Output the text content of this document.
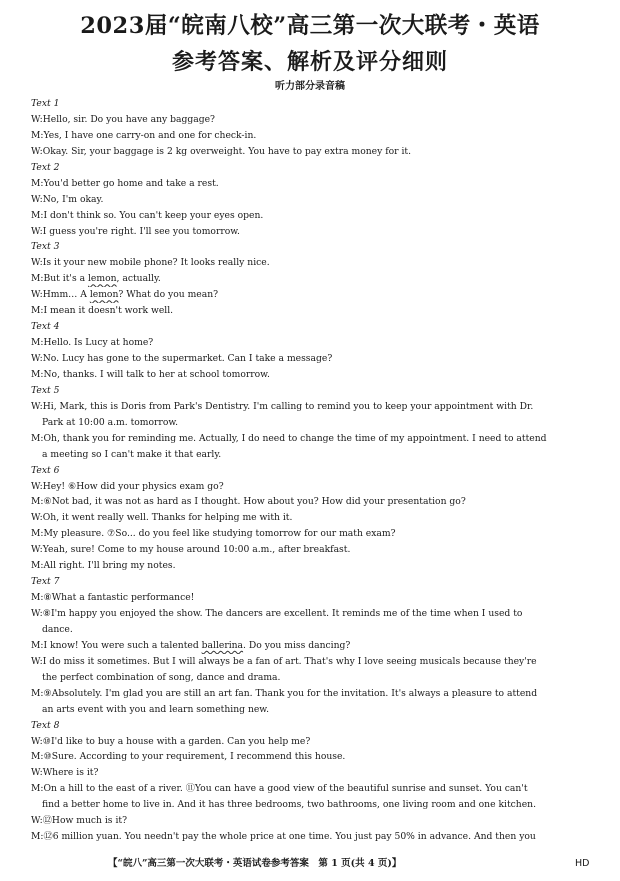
2023届“皖南八校”高三第一次大联考・英语
参考答案、解析及评分细则
听力部分录音稿
Text 1
W:Hello, sir. Do you have any baggage?
M:Yes, I have one carry-on and one for check-in.
W:Okay. Sir, your baggage is 2 kg overweight. You have to pay extra money for it.
Text 2
M:You'd better go home and take a rest.
W:No, I'm okay.
M:I don't think so. You can't keep your eyes open.
W:I guess you're right. I'll see you tomorrow.
Text 3
W:Is it your new mobile phone? It looks really nice.
M:But it's a lemon, actually.
W:Hmm… A lemon? What do you mean?
M:I mean it doesn't work well.
Text 4
M:Hello. Is Lucy at home?
W:No. Lucy has gone to the supermarket. Can I take a message?
M:No, thanks. I will talk to her at school tomorrow.
Text 5
W:Hi, Mark, this is Doris from Park's Dentistry. I'm calling to remind you to keep your appointment with Dr.
Park at 10:00 a.m. tomorrow.
M:Oh, thank you for reminding me. Actually, I do need to change the time of my appointment. I need to attend
a meeting so I can't make it that early.
Text 6
W:Hey! ⑥How did your physics exam go?
M:⑥Not bad, it was not as hard as I thought. How about you? How did your presentation go?
W:Oh, it went really well. Thanks for helping me with it.
M:My pleasure. ⑦So... do you feel like studying tomorrow for our math exam?
W:Yeah, sure! Come to my house around 10:00 a.m., after breakfast.
M:All right. I'll bring my notes.
Text 7
M:⑧What a fantastic performance!
W:⑧I'm happy you enjoyed the show. The dancers are excellent. It reminds me of the time when I used to
dance.
M:I know! You were such a talented ballerina. Do you miss dancing?
W:I do miss it sometimes. But I will always be a fan of art. That's why I love seeing musicals because they're
the perfect combination of song, dance and drama.
M:⑨Absolutely. I'm glad you are still an art fan. Thank you for the invitation. It's always a pleasure to attend
an arts event with you and learn something new.
Text 8
W:⑩I'd like to buy a house with a garden. Can you help me?
M:⑩Sure. According to your requirement, I recommend this house.
W:Where is it?
M:On a hill to the east of a river. ⑪You can have a good view of the beautiful sunrise and sunset. You can't
find a better home to live in. And it has three bedrooms, two bathrooms, one living room and one kitchen.
W:⑫How much is it?
M:⑫6 million yuan. You needn't pay the whole price at one time. You just pay 50% in advance. And then you
【“皖八”高三第一次大联考・英语试卷参考答案　第 1 页(共 4 页)】	HD
